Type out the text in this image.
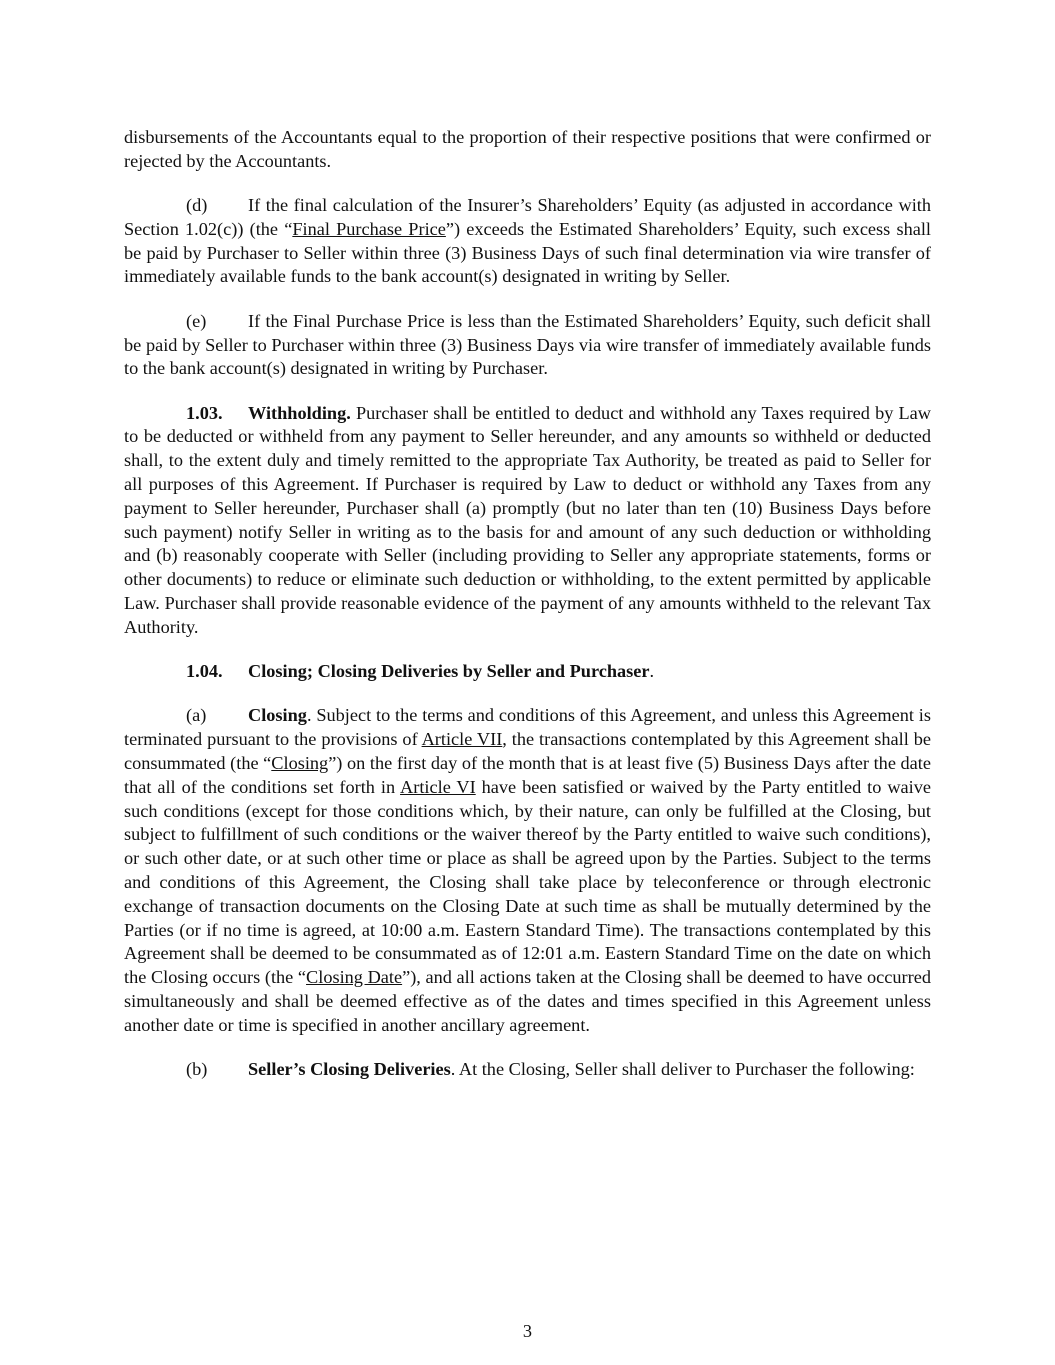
disbursements of the Accountants equal to the proportion of their respective positions that were confirmed or rejected by the Accountants.

(d) If the final calculation of the Insurer’s Shareholders’ Equity (as adjusted in accordance with Section 1.02(c)) (the “Final Purchase Price”) exceeds the Estimated Shareholders’ Equity, such excess shall be paid by Purchaser to Seller within three (3) Business Days of such final determination via wire transfer of immediately available funds to the bank account(s) designated in writing by Seller.

(e) If the Final Purchase Price is less than the Estimated Shareholders’ Equity, such deficit shall be paid by Seller to Purchaser within three (3) Business Days via wire transfer of immediately available funds to the bank account(s) designated in writing by Purchaser.

1.03. Withholding. Purchaser shall be entitled to deduct and withhold any Taxes required by Law to be deducted or withheld from any payment to Seller hereunder, and any amounts so withheld or deducted shall, to the extent duly and timely remitted to the appropriate Tax Authority, be treated as paid to Seller for all purposes of this Agreement. If Purchaser is required by Law to deduct or withhold any Taxes from any payment to Seller hereunder, Purchaser shall (a) promptly (but no later than ten (10) Business Days before such payment) notify Seller in writing as to the basis for and amount of any such deduction or withholding and (b) reasonably cooperate with Seller (including providing to Seller any appropriate statements, forms or other documents) to reduce or eliminate such deduction or withholding, to the extent permitted by applicable Law. Purchaser shall provide reasonable evidence of the payment of any amounts withheld to the relevant Tax Authority.

1.04. Closing; Closing Deliveries by Seller and Purchaser.

(a) Closing. Subject to the terms and conditions of this Agreement, and unless this Agreement is terminated pursuant to the provisions of Article VII, the transactions contemplated by this Agreement shall be consummated (the “Closing”) on the first day of the month that is at least five (5) Business Days after the date that all of the conditions set forth in Article VI have been satisfied or waived by the Party entitled to waive such conditions (except for those conditions which, by their nature, can only be fulfilled at the Closing, but subject to fulfillment of such conditions or the waiver thereof by the Party entitled to waive such conditions), or such other date, or at such other time or place as shall be agreed upon by the Parties. Subject to the terms and conditions of this Agreement, the Closing shall take place by teleconference or through electronic exchange of transaction documents on the Closing Date at such time as shall be mutually determined by the Parties (or if no time is agreed, at 10:00 a.m. Eastern Standard Time). The transactions contemplated by this Agreement shall be deemed to be consummated as of 12:01 a.m. Eastern Standard Time on the date on which the Closing occurs (the “Closing Date”), and all actions taken at the Closing shall be deemed to have occurred simultaneously and shall be deemed effective as of the dates and times specified in this Agreement unless another date or time is specified in another ancillary agreement.

(b) Seller’s Closing Deliveries. At the Closing, Seller shall deliver to Purchaser the following:

3
